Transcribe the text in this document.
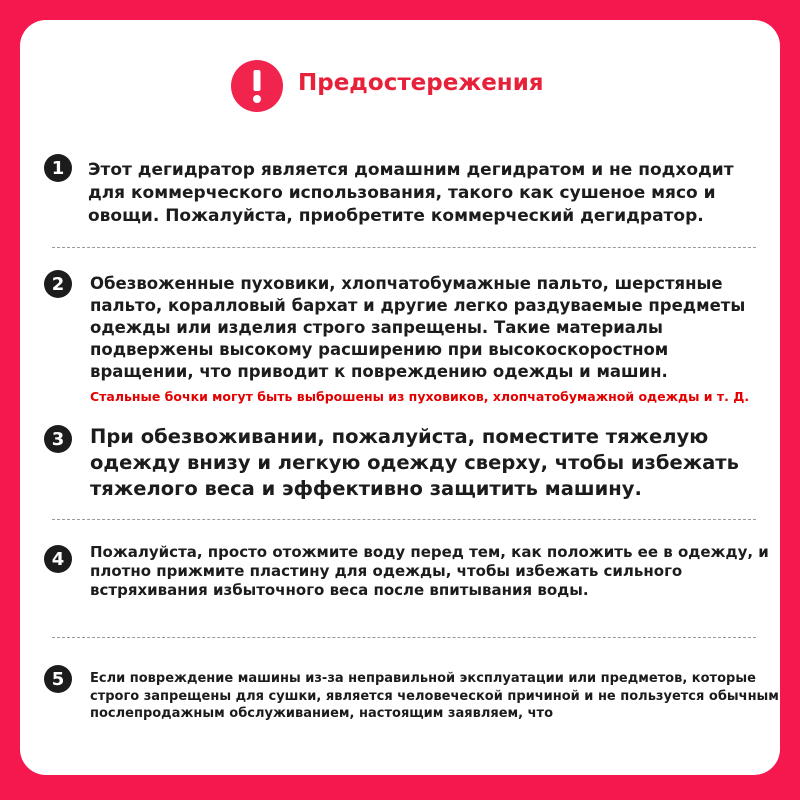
Предостережения
1	Этот дегидратор является домашним дегидратом и не подходит для коммерческого использования, такого как сушеное мясо и овощи. Пожалуйста, приобретите коммерческий дегидратор.
2	Обезвоженные пуховики, хлопчатобумажные пальто, шерстяные пальто, коралловый бархат и другие легко раздуваемые предметы одежды или изделия строго запрещены. Такие материалы подвержены высокому расширению при высокоскоростном вращении, что приводит к повреждению одежды и машин.
Стальные бочки могут быть выброшены из пуховиков, хлопчатобумажной одежды и т. Д.
3	При обезвоживании, пожалуйста, поместите тяжелую одежду внизу и легкую одежду сверху, чтобы избежать тяжелого веса и эффективно защитить машину.
4	Пожалуйста, просто отожмите воду перед тем, как положить ее в одежду, и плотно прижмите пластину для одежды, чтобы избежать сильного встряхивания избыточного веса после впитывания воды.
5	Если повреждение машины из-за неправильной эксплуатации или предметов, которые строго запрещены для сушки, является человеческой причиной и не пользуется обычным послепродажным обслуживанием, настоящим заявляем, что
